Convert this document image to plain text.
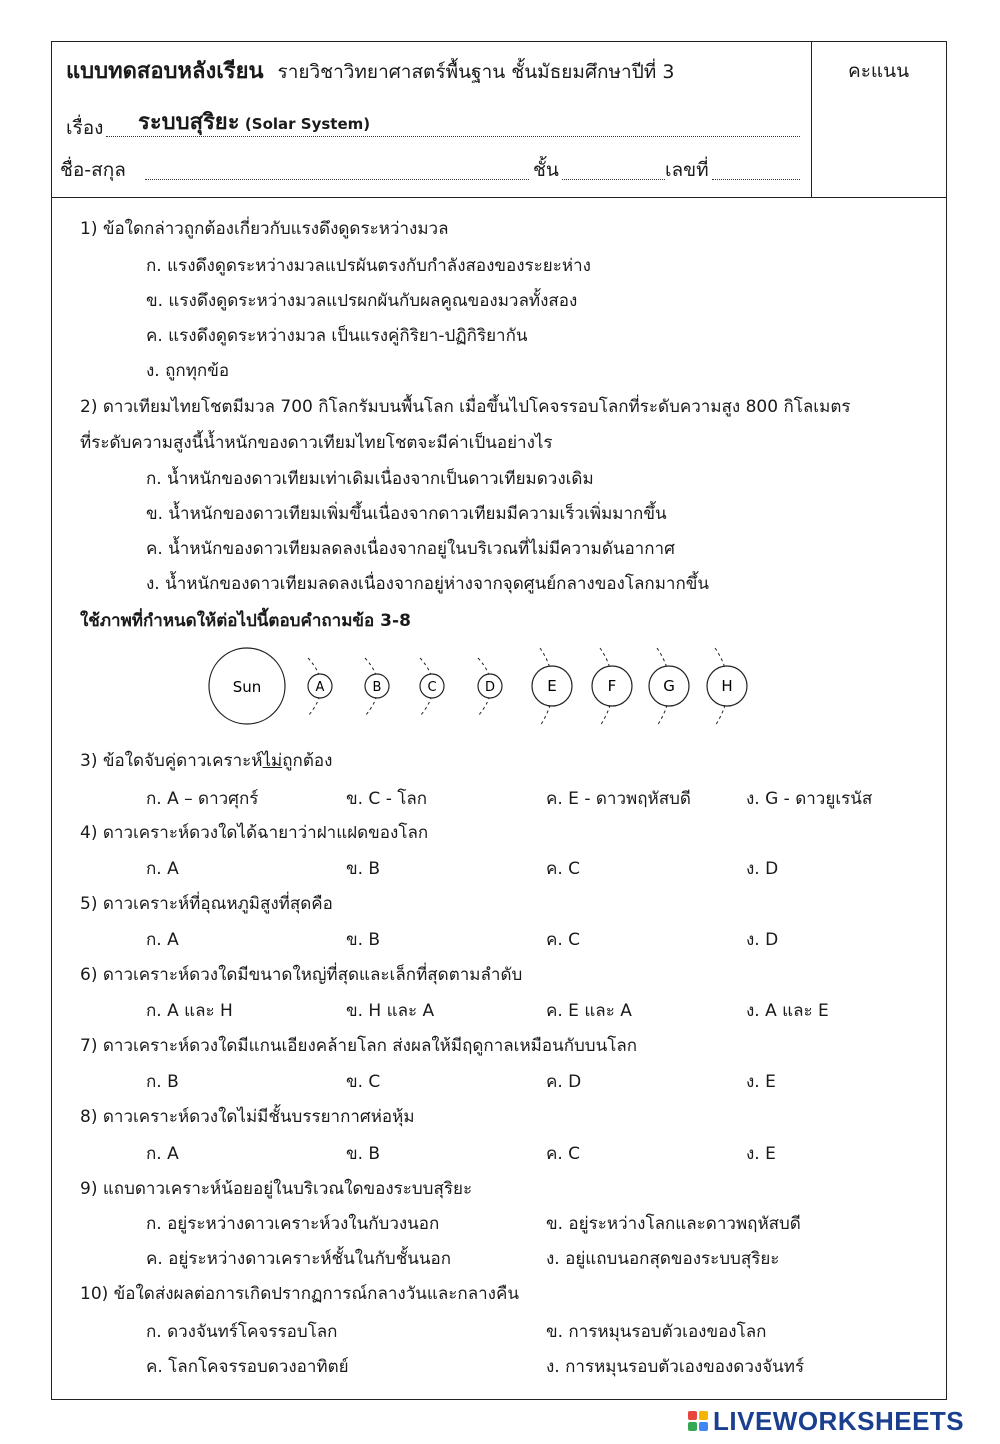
คะแนน
แบบทดสอบหลังเรียน รายวิชาวิทยาศาสตร์พื้นฐาน ชั้นมัธยมศึกษาปีที่ 3
เรื่อง ระบบสุริยะ (Solar System)
ชื่อ-สกุล	ชั้น	เลขที่
1) ข้อใดกล่าวถูกต้องเกี่ยวกับแรงดึงดูดระหว่างมวล
ก. แรงดึงดูดระหว่างมวลแปรผันตรงกับกำลังสองของระยะห่าง
ข. แรงดึงดูดระหว่างมวลแปรผกผันกับผลคูณของมวลทั้งสอง
ค. แรงดึงดูดระหว่างมวล เป็นแรงคู่กิริยา-ปฏิกิริยากัน
ง. ถูกทุกข้อ
2) ดาวเทียมไทยโชตมีมวล 700 กิโลกรัมบนพื้นโลก เมื่อขึ้นไปโคจรรอบโลกที่ระดับความสูง 800 กิโลเมตร
ที่ระดับความสูงนี้น้ำหนักของดาวเทียมไทยโชตจะมีค่าเป็นอย่างไร
ก. น้ำหนักของดาวเทียมเท่าเดิมเนื่องจากเป็นดาวเทียมดวงเดิม
ข. น้ำหนักของดาวเทียมเพิ่มขึ้นเนื่องจากดาวเทียมมีความเร็วเพิ่มมากขึ้น
ค. น้ำหนักของดาวเทียมลดลงเนื่องจากอยู่ในบริเวณที่ไม่มีความดันอากาศ
ง. น้ำหนักของดาวเทียมลดลงเนื่องจากอยู่ห่างจากจุดศูนย์กลางของโลกมากขึ้น
ใช้ภาพที่กำหนดให้ต่อไปนี้ตอบคำถามข้อ 3-8
Sun	A	B	C	D	E	F	G	H
3) ข้อใดจับคู่ดาวเคราะห์ไม่ถูกต้อง
ก. A – ดาวศุกร์	ข. C - โลก	ค. E - ดาวพฤหัสบดี	ง. G - ดาวยูเรนัส
4) ดาวเคราะห์ดวงใดได้ฉายาว่าฝาแฝดของโลก
ก. A	ข. B	ค. C	ง. D
5) ดาวเคราะห์ที่อุณหภูมิสูงที่สุดคือ
ก. A	ข. B	ค. C	ง. D
6) ดาวเคราะห์ดวงใดมีขนาดใหญ่ที่สุดและเล็กที่สุดตามลำดับ
ก. A และ H	ข. H และ A	ค. E และ A	ง. A และ E
7) ดาวเคราะห์ดวงใดมีแกนเอียงคล้ายโลก ส่งผลให้มีฤดูกาลเหมือนกับบนโลก
ก. B	ข. C	ค. D	ง. E
8) ดาวเคราะห์ดวงใดไม่มีชั้นบรรยากาศห่อหุ้ม
ก. A	ข. B	ค. C	ง. E
9) แถบดาวเคราะห์น้อยอยู่ในบริเวณใดของระบบสุริยะ
ก. อยู่ระหว่างดาวเคราะห์วงในกับวงนอก	ข. อยู่ระหว่างโลกและดาวพฤหัสบดี
ค. อยู่ระหว่างดาวเคราะห์ชั้นในกับชั้นนอก	ง. อยู่แถบนอกสุดของระบบสุริยะ
10) ข้อใดส่งผลต่อการเกิดปรากฏการณ์กลางวันและกลางคืน
ก. ดวงจันทร์โคจรรอบโลก	ข. การหมุนรอบตัวเองของโลก
ค. โลกโคจรรอบดวงอาทิตย์	ง. การหมุนรอบตัวเองของดวงจันทร์
LIVEWORKSHEETS
